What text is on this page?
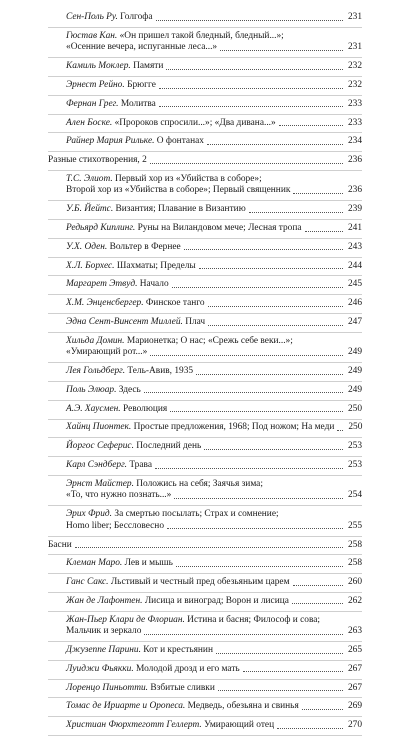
Сен-Поль Ру. Голгофа	231
Гюстав Кан. «Он пришел такой бледный, бледный...»;
«Осенние вечера, испуганные леса...»	231
Камиль Моклер. Памяти	232
Эрнест Рейно. Брюгге	232
Фернан Грег. Молитва	233
Ален Боске. «Пророков спросили...»; «Два дивана...»	233
Райнер Мария Рильке. О фонтанах	234
Разные стихотворения, 2	236
Т.С. Элиот. Первый хор из «Убийства в соборе»;
Второй хор из «Убийства в соборе»; Первый священник	236
У.Б. Йейтс. Византия; Плавание в Византию	239
Редьярд Киплинг. Руны на Виландовом мече; Лесная тропа	241
У.Х. Оден. Вольтер в Фернее	243
Х.Л. Борхес. Шахматы; Пределы	244
Маргарет Этвуд. Начало	245
Х.М. Энценсбергер. Финское танго	246
Эдна Сент-Винсент Миллей. Плач	247
Хильда Домин. Марионетка; О нас; «Срежь себе веки...»;
«Умирающий рот...»	249
Лея Гольдберг. Тель-Авив, 1935	249
Поль Элюар. Здесь	249
А.Э. Хаусмен. Революция	250
Хайнц Пионтек. Простые предложения, 1968; Под ножом; На меди 250
Йоргос Сеферис. Последний день	253
Карл Сэндберг. Трава	253
Эрнст Майстер. Положись на себя; Заячья зима;
«То, что нужно познать...»	254
Эрих Фрид. За смертью посылать; Страх и сомнение;
Homo liber; Бессловесно	255
Басни	258
Клеман Маро. Лев и мышь	258
Ганс Сакс. Льстивый и честный пред обезьяньим царем	260
Жан де Лафонтен. Лисица и виноград; Ворон и лисица	262
Жан-Пьер Клари де Флориан. Истина и басня; Философ и сова;
Мальчик и зеркало	263
Джузеппе Парини. Кот и крестьянин	265
Луиджи Фьякки. Молодой дрозд и его мать	267
Лоренцо Пиньотти. Взбитые сливки	267
Томас де Ириарте и Оропеса. Медведь, обезьяна и свинья	269
Христиан Фюрхтеготт Геллерт. Умирающий отец	270
